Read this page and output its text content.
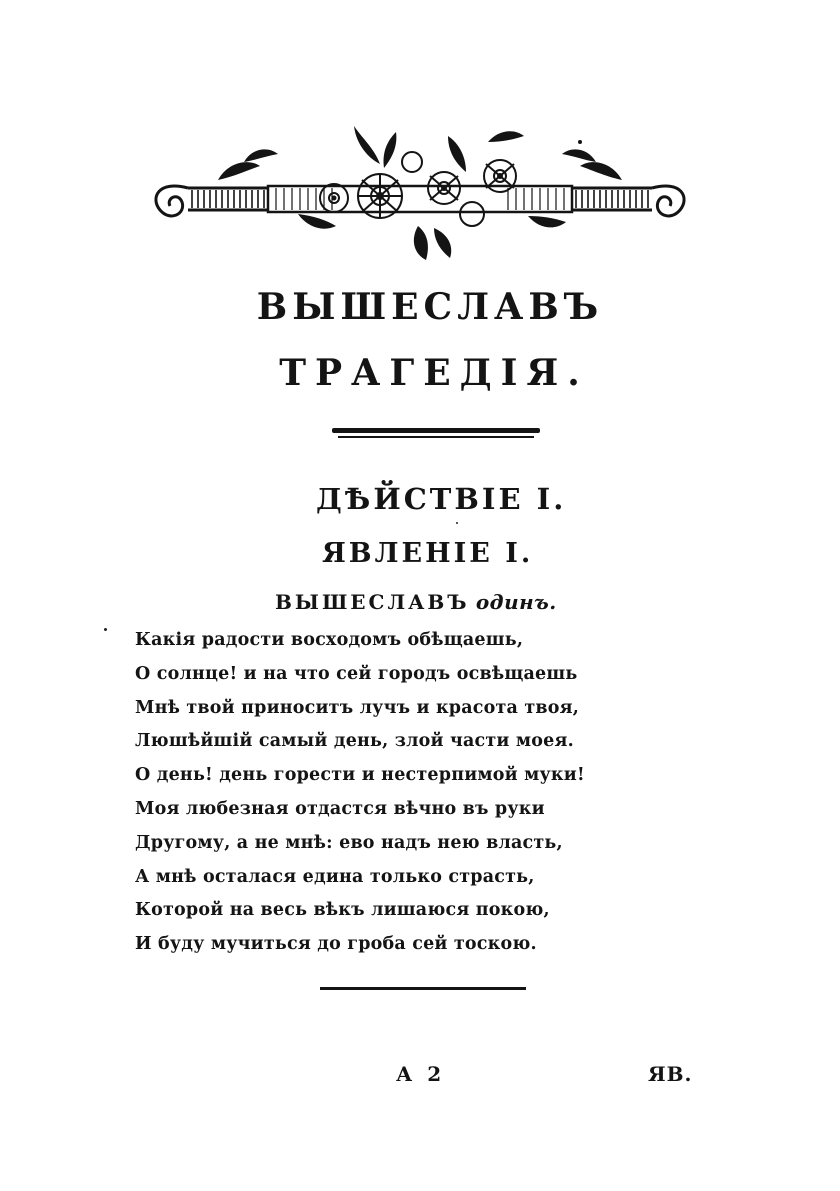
ВЫШЕСЛАВЪ
ТРАГЕДІЯ.
ДѢЙСТВІЕ I.
ЯВЛЕНІЕ I.
ВЫШЕСЛАВЪ одинъ.
Какія радости восходомъ обѣщаешь,
О солнце! и на что сей городъ освѣщаешь
Мнѣ твой приноситъ лучъ и красота твоя,
Люшѣйшій самый день, злой части моея.
О день! день горести и нестерпимой муки!
Моя любезная отдастся вѣчно въ руки
Другому, а не мнѣ: ево надъ нею власть,
А мнѣ осталася едина только страсть,
Которой на весь вѣкъ лишаюся покою,
И буду мучиться до гроба сей тоскою.
А 2	ЯВ.
